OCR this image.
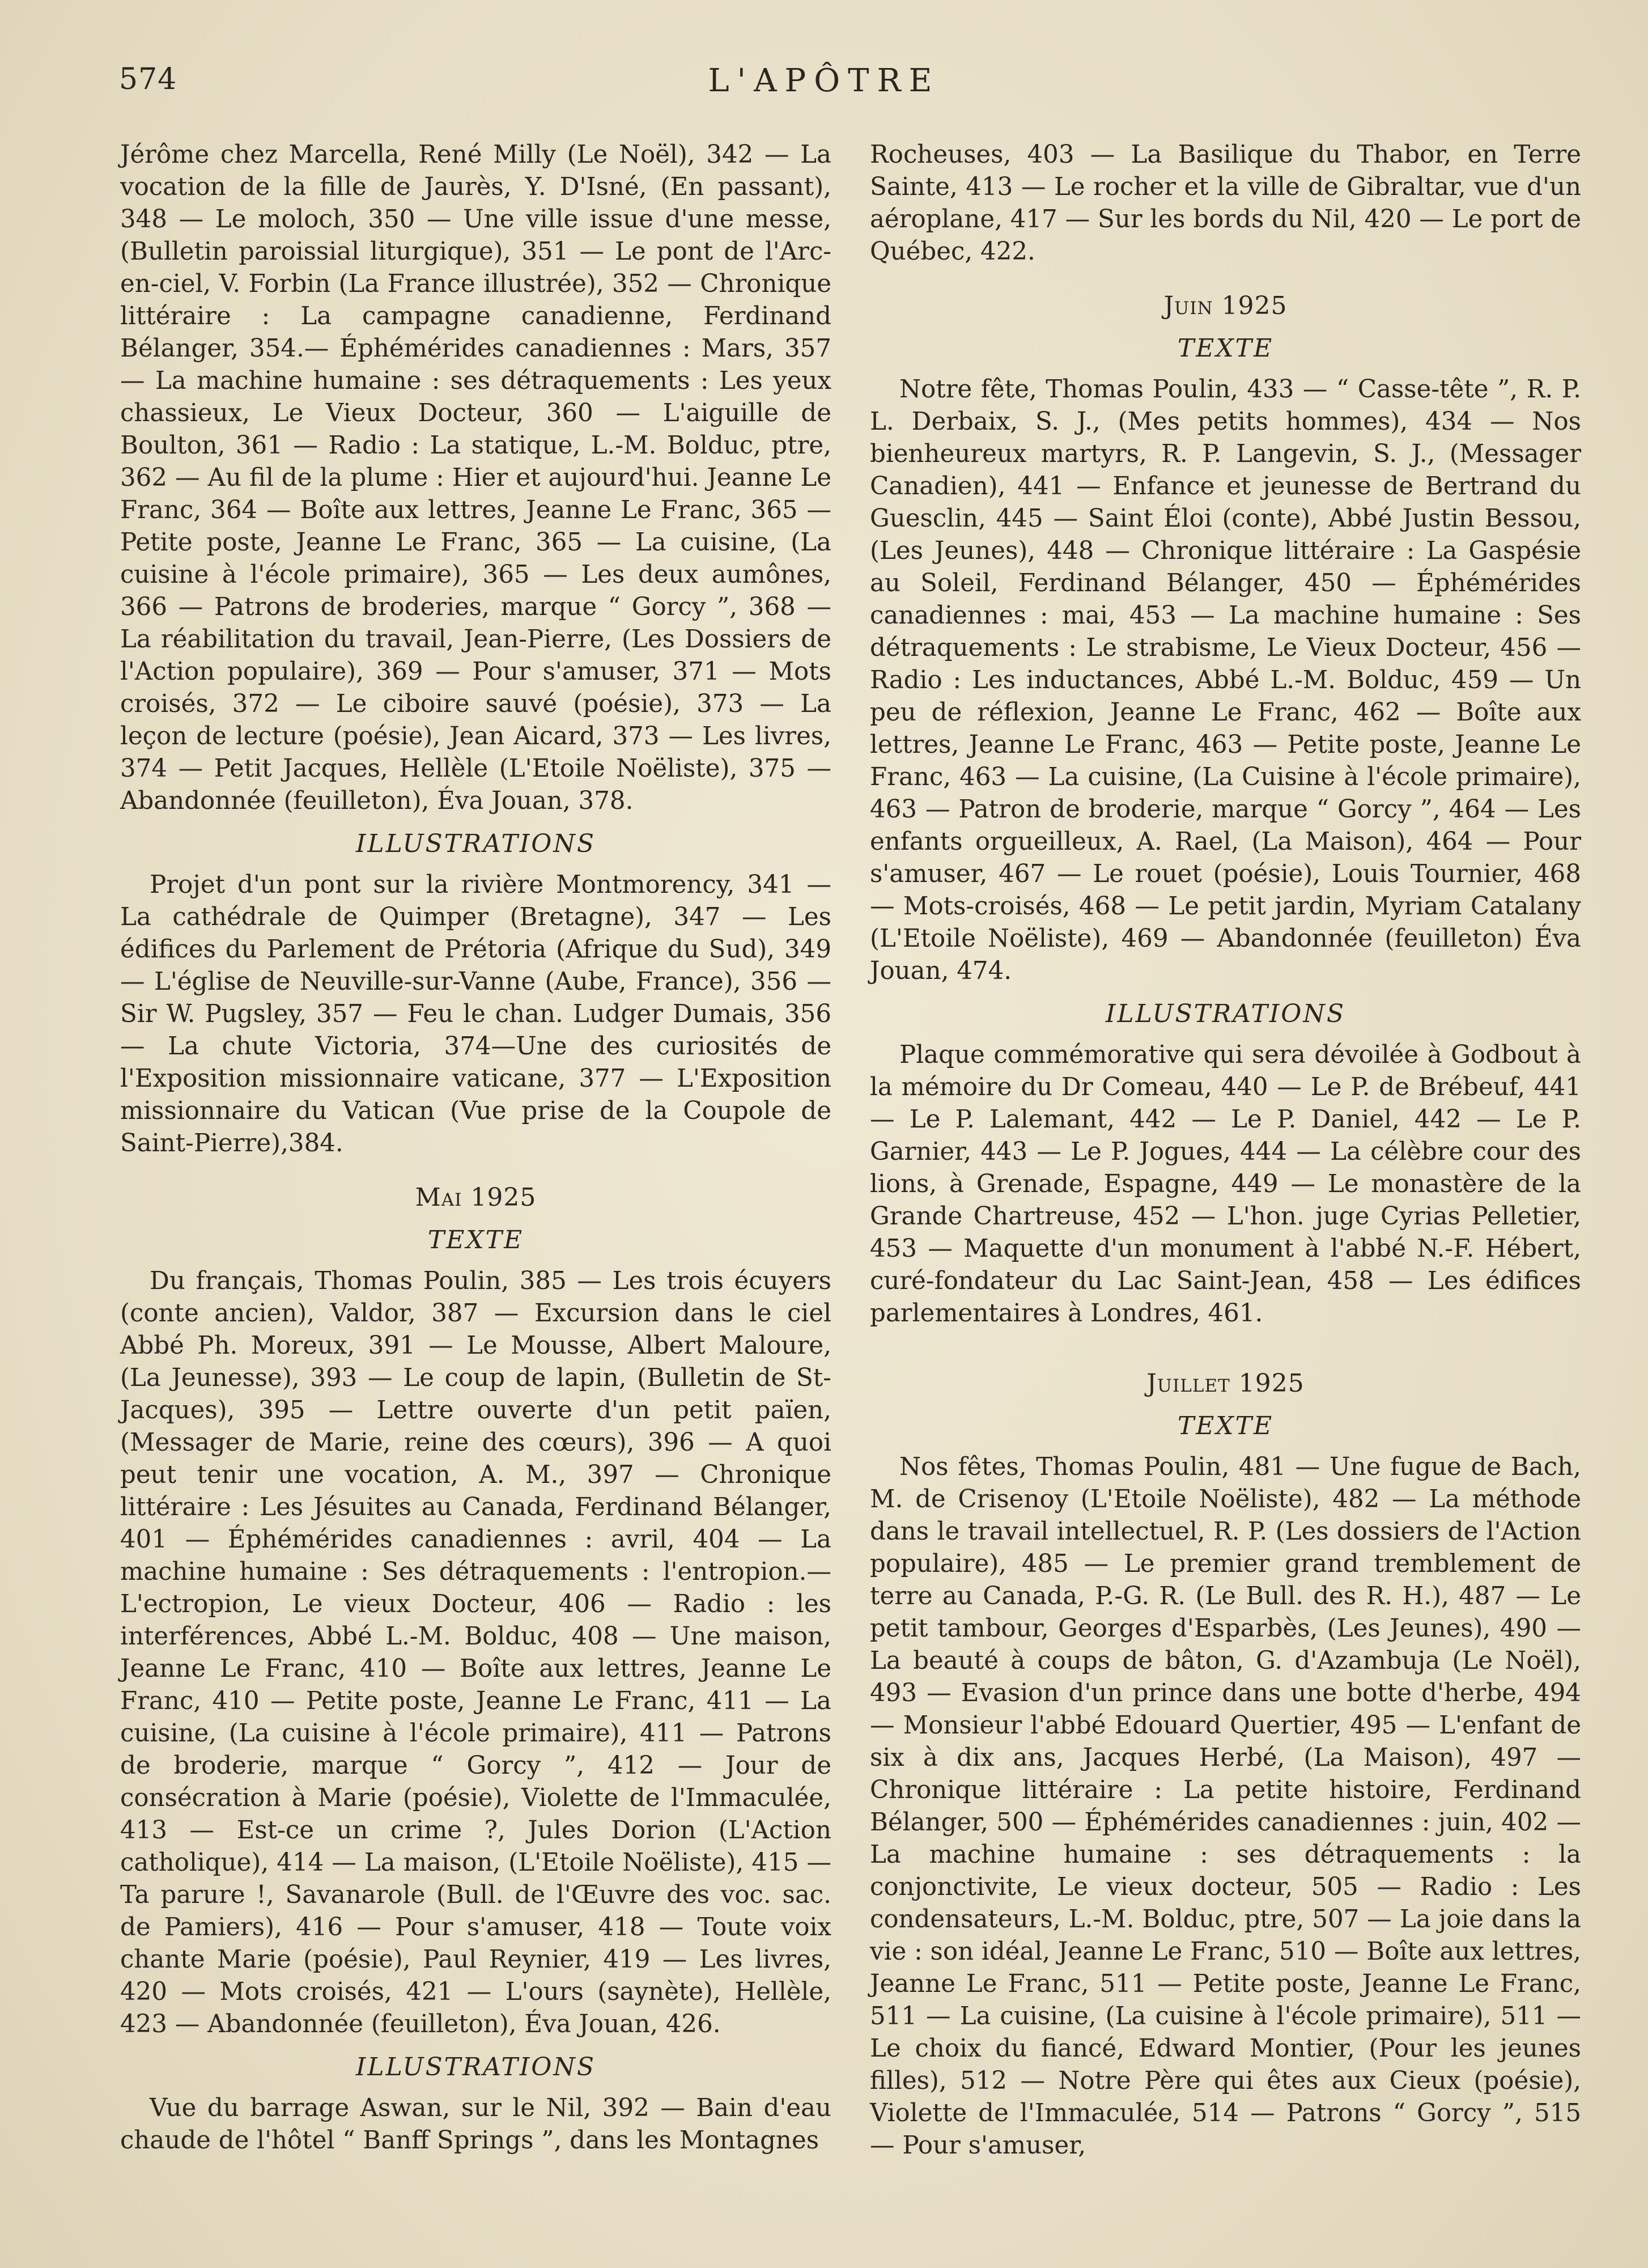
574	L'APÔTRE

Jérôme chez Marcella, René Milly (Le Noël), 342 — La vocation de la fille de Jaurès, Y. D'Isné, (En passant), 348 — Le moloch, 350 — Une ville issue d'une messe, (Bulletin paroissial liturgique), 351 — Le pont de l'Arc-en-ciel, V. Forbin (La France illustrée), 352 — Chronique littéraire : La campagne canadienne, Ferdinand Bélanger, 354.— Éphémérides canadiennes : Mars, 357 — La machine humaine : ses détraquements : Les yeux chassieux, Le Vieux Docteur, 360 — L'aiguille de Boulton, 361 — Radio : La statique, L.-M. Bolduc, ptre, 362 — Au fil de la plume : Hier et aujourd'hui. Jeanne Le Franc, 364 — Boîte aux lettres, Jeanne Le Franc, 365 — Petite poste, Jeanne Le Franc, 365 — La cuisine, (La cuisine à l'école primaire), 365 — Les deux aumônes, 366 — Patrons de broderies, marque “ Gorcy ”, 368 — La réabilitation du travail, Jean-Pierre, (Les Dossiers de l'Action populaire), 369 — Pour s'amuser, 371 — Mots croisés, 372 — Le ciboire sauvé (poésie), 373 — La leçon de lecture (poésie), Jean Aicard, 373 — Les livres, 374 — Petit Jacques, Hellèle (L'Etoile Noëliste), 375 —Abandonnée (feuilleton), Éva Jouan, 378.

ILLUSTRATIONS

Projet d'un pont sur la rivière Montmorency, 341 — La cathédrale de Quimper (Bretagne), 347 — Les édifices du Parlement de Prétoria (Afrique du Sud), 349 — L'église de Neuville-sur-Vanne (Aube, France), 356 — Sir W. Pugsley, 357 — Feu le chan. Ludger Dumais, 356 — La chute Victoria, 374—Une des curiosités de l'Exposition missionnaire vaticane, 377 — L'Exposition missionnaire du Vatican (Vue prise de la Coupole de Saint-Pierre),384.

Mai 1925

TEXTE

Du français, Thomas Poulin, 385 — Les trois écuyers (conte ancien), Valdor, 387 — Excursion dans le ciel Abbé Ph. Moreux, 391 — Le Mousse, Albert Maloure, (La Jeunesse), 393 — Le coup de lapin, (Bulletin de St-Jacques), 395 — Lettre ouverte d'un petit païen, (Messager de Marie, reine des cœurs), 396 — A quoi peut tenir une vocation, A. M., 397 — Chronique littéraire : Les Jésuites au Canada, Ferdinand Bélanger, 401 — Éphémérides canadiennes : avril, 404 — La machine humaine : Ses détraquements : l'entropion.— L'ectropion, Le vieux Docteur, 406 — Radio : les interférences, Abbé L.-M. Bolduc, 408 — Une maison, Jeanne Le Franc, 410 — Boîte aux lettres, Jeanne Le Franc, 410 — Petite poste, Jeanne Le Franc, 411 — La cuisine, (La cuisine à l'école primaire), 411 — Patrons de broderie, marque “ Gorcy ”, 412 — Jour de consécration à Marie (poésie), Violette de l'Immaculée, 413 — Est-ce un crime ?, Jules Dorion (L'Action catholique), 414 — La maison, (L'Etoile Noëliste), 415 — Ta parure !, Savanarole (Bull. de l'Œuvre des voc. sac. de Pamiers), 416 — Pour s'amuser, 418 — Toute voix chante Marie (poésie), Paul Reynier, 419 — Les livres, 420 — Mots croisés, 421 — L'ours (saynète), Hellèle, 423 — Abandonnée (feuilleton), Éva Jouan, 426.

ILLUSTRATIONS

Vue du barrage Aswan, sur le Nil, 392 — Bain d'eau chaude de l'hôtel “ Banff Springs ”, dans les Montagnes

Rocheuses, 403 — La Basilique du Thabor, en Terre Sainte, 413 — Le rocher et la ville de Gibraltar, vue d'un aéroplane, 417 — Sur les bords du Nil, 420 — Le port de Québec, 422.

Juin 1925

TEXTE

Notre fête, Thomas Poulin, 433 — “ Casse-tête ”, R. P. L. Derbaix, S. J., (Mes petits hommes), 434 — Nos bienheureux martyrs, R. P. Langevin, S. J., (Messager Canadien), 441 — Enfance et jeunesse de Bertrand du Guesclin, 445 — Saint Éloi (conte), Abbé Justin Bessou, (Les Jeunes), 448 — Chronique littéraire : La Gaspésie au Soleil, Ferdinand Bélanger, 450 — Éphémérides canadiennes : mai, 453 — La machine humaine : Ses détraquements : Le strabisme, Le Vieux Docteur, 456 — Radio : Les inductances, Abbé L.-M. Bolduc, 459 — Un peu de réflexion, Jeanne Le Franc, 462 — Boîte aux lettres, Jeanne Le Franc, 463 — Petite poste, Jeanne Le Franc, 463 — La cuisine, (La Cuisine à l'école primaire), 463 — Patron de broderie, marque “ Gorcy ”, 464 — Les enfants orgueilleux, A. Rael, (La Maison), 464 — Pour s'amuser, 467 — Le rouet (poésie), Louis Tournier, 468 — Mots-croisés, 468 — Le petit jardin, Myriam Catalany (L'Etoile Noëliste), 469 — Abandonnée (feuilleton) Éva Jouan, 474.

ILLUSTRATIONS

Plaque commémorative qui sera dévoilée à Godbout à la mémoire du Dr Comeau, 440 — Le P. de Brébeuf, 441 — Le P. Lalemant, 442 — Le P. Daniel, 442 — Le P. Garnier, 443 — Le P. Jogues, 444 — La célèbre cour des lions, à Grenade, Espagne, 449 — Le monastère de la Grande Chartreuse, 452 — L'hon. juge Cyrias Pelletier, 453 — Maquette d'un monument à l'abbé N.-F. Hébert, curé-fondateur du Lac Saint-Jean, 458 — Les édifices parlementaires à Londres, 461.

Juillet 1925

TEXTE

Nos fêtes, Thomas Poulin, 481 — Une fugue de Bach, M. de Crisenoy (L'Etoile Noëliste), 482 — La méthode dans le travail intellectuel, R. P. (Les dossiers de l'Action populaire), 485 — Le premier grand tremblement de terre au Canada, P.-G. R. (Le Bull. des R. H.), 487 — Le petit tambour, Georges d'Esparbès, (Les Jeunes), 490 — La beauté à coups de bâton, G. d'Azambuja (Le Noël), 493 — Evasion d'un prince dans une botte d'herbe, 494 — Monsieur l'abbé Edouard Quertier, 495 — L'enfant de six à dix ans, Jacques Herbé, (La Maison), 497 — Chronique littéraire : La petite histoire, Ferdinand Bélanger, 500 — Éphémérides canadiennes : juin, 402 — La machine humaine : ses détraquements : la conjonctivite, Le vieux docteur, 505 — Radio : Les condensateurs, L.-M. Bolduc, ptre, 507 — La joie dans la vie : son idéal, Jeanne Le Franc, 510 — Boîte aux lettres, Jeanne Le Franc, 511 — Petite poste, Jeanne Le Franc, 511 — La cuisine, (La cuisine à l'école primaire), 511 — Le choix du fiancé, Edward Montier, (Pour les jeunes filles), 512 — Notre Père qui êtes aux Cieux (poésie), Violette de l'Immaculée, 514 — Patrons “ Gorcy ”, 515 — Pour s'amuser,
